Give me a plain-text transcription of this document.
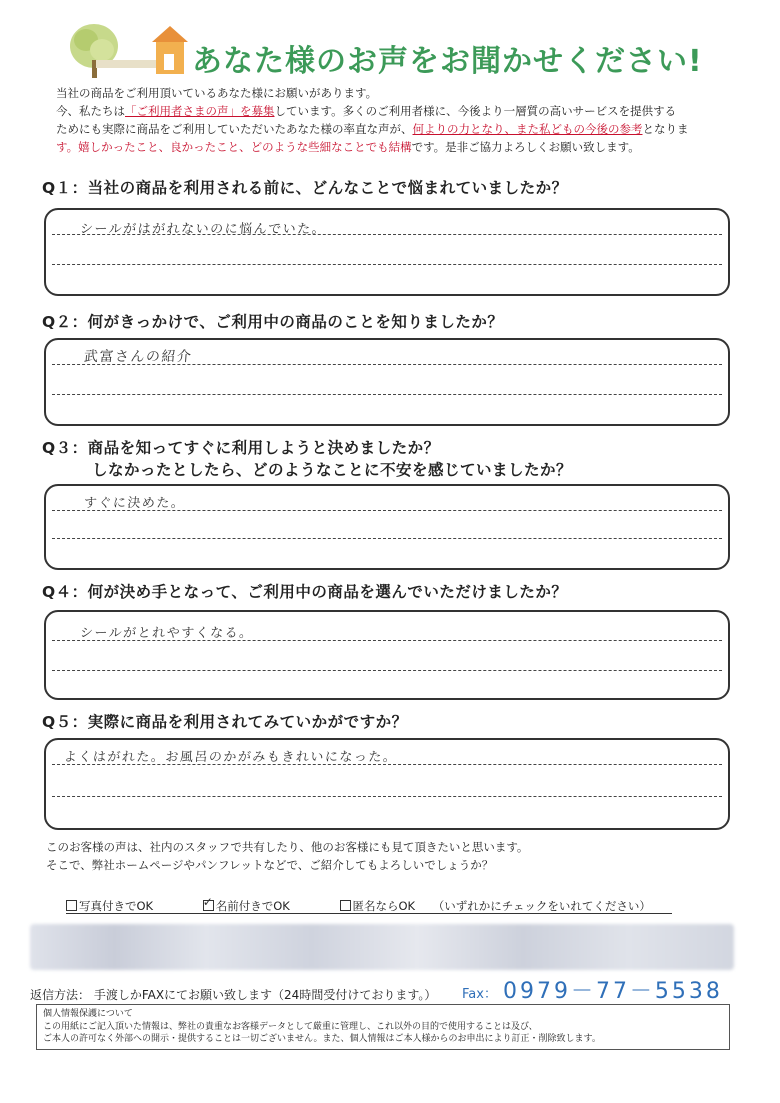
あなた様のお声をお聞かせください!
当社の商品をご利用頂いているあなた様にお願いがあります。
今、私たちは「ご利用者さまの声」を募集しています。多くのご利用者様に、今後より一層質の高いサービスを提供する
ためにも実際に商品をご利用していただいたあなた様の率直な声が、何よりの力となり、また私どもの今後の参考となりま
す。嬉しかったこと、良かったこと、どのような些細なことでも結構です。是非ご協力よろしくお願い致します。
Q１：当社の商品を利用される前に、どんなことで悩まれていましたか？
シールがはがれないのに悩んでいた。
Q２：何がきっかけで、ご利用中の商品のことを知りましたか？
武富さんの紹介
Q３：商品を知ってすぐに利用しようと決めましたか？
しなかったとしたら、どのようなことに不安を感じていましたか？
すぐに決めた。
Q４：何が決め手となって、ご利用中の商品を選んでいただけましたか？
シールがとれやすくなる。
Q５：実際に商品を利用されてみていかがですか？
よくはがれた。お風呂のかがみもきれいになった。
このお客様の声は、社内のスタッフで共有したり、他のお客様にも見て頂きたいと思います。
そこで、弊社ホームページやパンフレットなどで、ご紹介してもよろしいでしょうか？
写真付きでOK ✓	名前付きでOK	匿名ならOK （いずれかにチェックをいれてください）
返信方法： 手渡しかFAXにてお願い致します（24時間受付けております。） Fax： 0979－77－5538
個人情報保護について
この用紙にご記入頂いた情報は、弊社の貴重なお客様データとして厳重に管理し、これ以外の目的で使用することは及び、
ご本人の許可なく外部への開示・提供することは一切ございません。また、個人情報はご本人様からのお申出により訂正・削除致します。
